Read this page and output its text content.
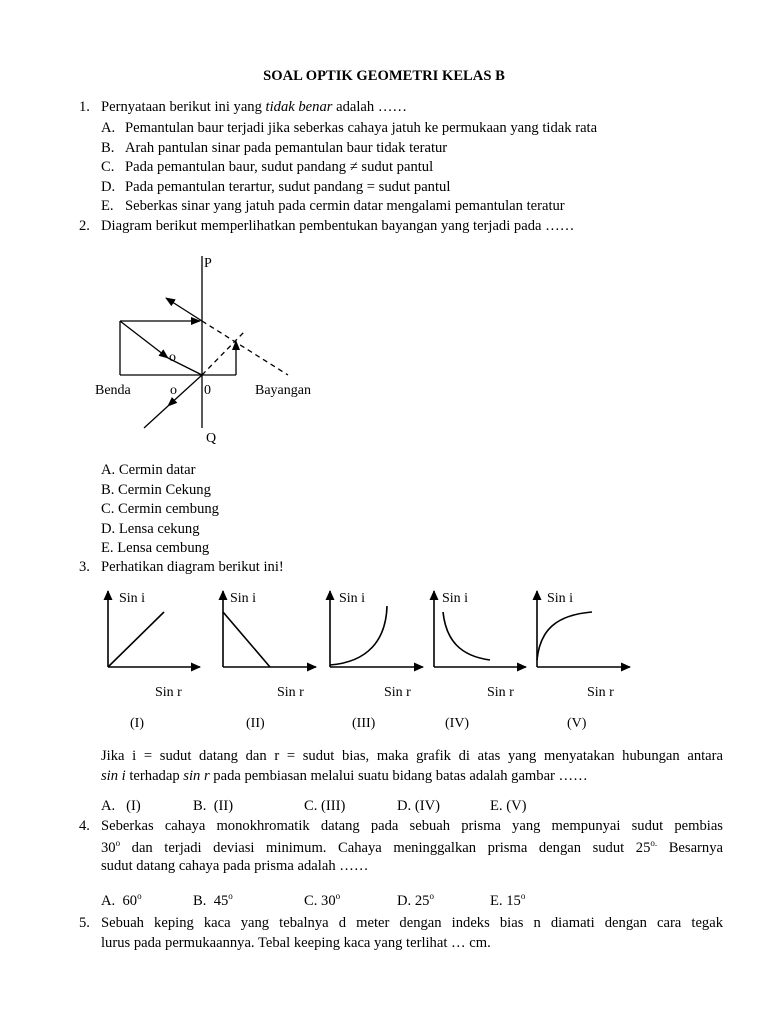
SOAL OPTIK GEOMETRI KELAS B
1. Pernyataan berikut ini yang tidak benar adalah ……
A. Pemantulan baur terjadi jika seberkas cahaya jatuh ke permukaan yang tidak rata
B. Arah pantulan sinar pada pemantulan baur tidak teratur
C. Pada pemantulan baur, sudut pandang ≠ sudut pantul
D. Pada pemantulan terartur, sudut pandang = sudut pantul
E. Seberkas sinar yang jatuh pada cermin datar mengalami pemantulan teratur
2. Diagram berikut memperlihatkan pembentukan bayangan yang terjadi pada ……
P
o
Benda	o 0	Bayangan
Q
A. Cermin datar
B. Cermin Cekung
C. Cermin cembung
D. Lensa cekung
E. Lensa cembung
3. Perhatikan diagram berikut ini!
Sin i	Sin i	Sin i	Sin i	Sin i
Sin r	Sin r	Sin r	Sin r	Sin r
(I)	(II)	(III)	(IV)	(V)
Jika i = sudut datang dan r = sudut bias, maka grafik di atas yang menyatakan hubungan antara
sin i terhadap sin r pada pembiasan melalui suatu bidang batas adalah gambar ……
A. (I)	B. (II)	C. (III)	D. (IV)	E. (V)
4. Seberkas cahaya monokhromatik datang pada sebuah prisma yang mempunyai sudut pembias
30$^o$ dan terjadi deviasi minimum. Cahaya meninggalkan prisma dengan sudut $25^{o.}$ Besarnya
sudut datang cahaya pada prisma adalah ……
A. 60$^o$	B. 45$^o$	C. 30$^o$	D. 25$^o$	E. 15$^o$
5. Sebuah keping kaca yang tebalnya d meter dengan indeks bias n diamati dengan cara tegak
lurus pada permukaannya. Tebal keeping kaca yang terlihat … cm.
